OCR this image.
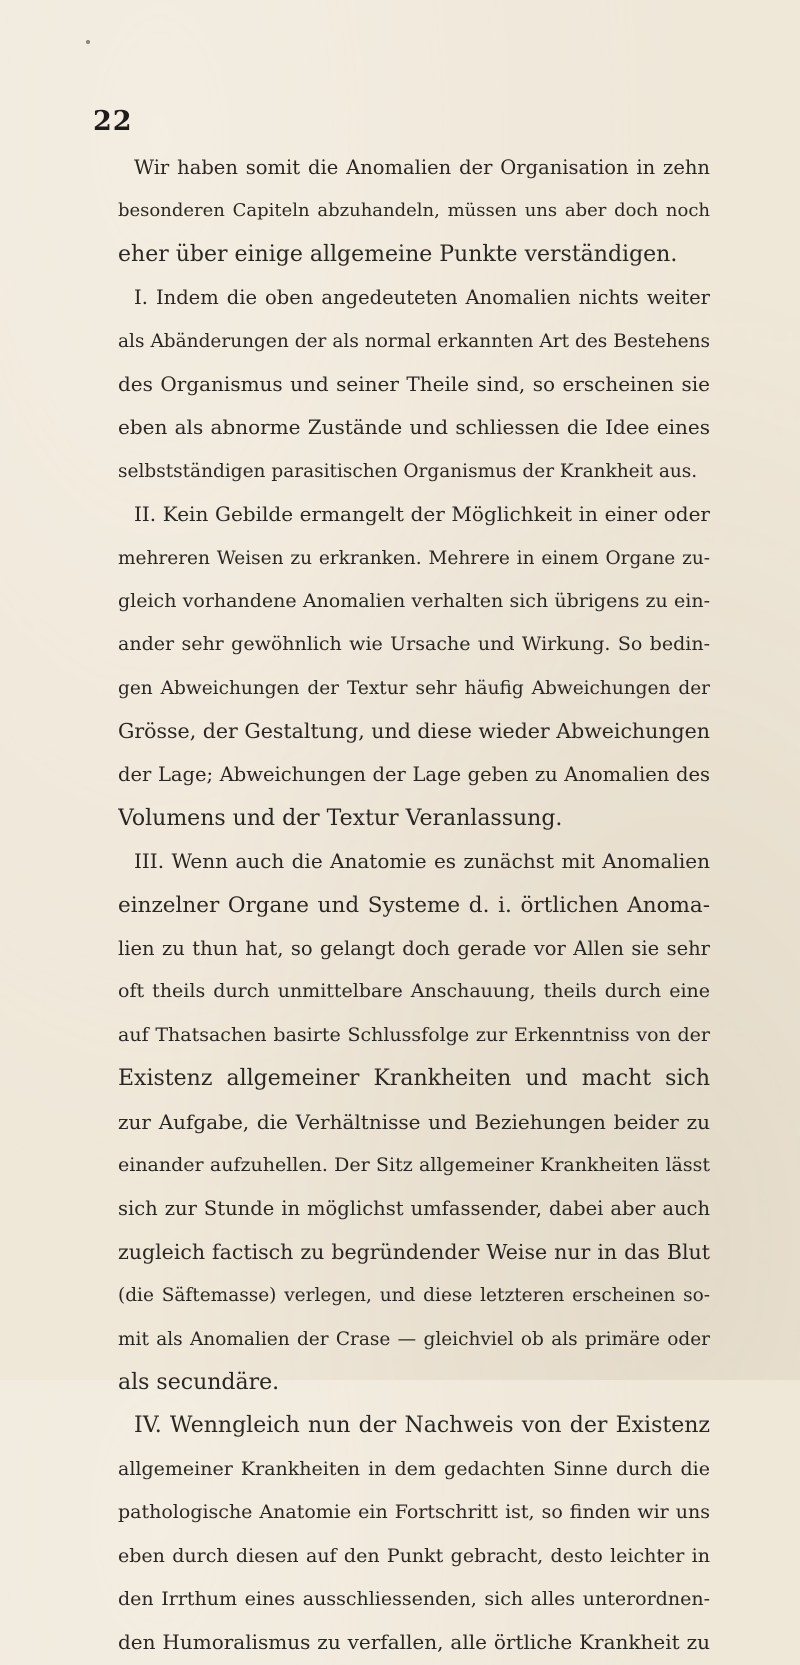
22
Wir haben somit die Anomalien der Organisation in zehn
besonderen Capiteln abzuhandeln, müssen uns aber doch noch
eher über einige allgemeine Punkte verständigen.
I. Indem die oben angedeuteten Anomalien nichts weiter
als Abänderungen der als normal erkannten Art des Bestehens
des Organismus und seiner Theile sind, so erscheinen sie
eben als abnorme Zustände und schliessen die Idee eines
selbstständigen parasitischen Organismus der Krankheit aus.
II. Kein Gebilde ermangelt der Möglichkeit in einer oder
mehreren Weisen zu erkranken. Mehrere in einem Organe zu-
gleich vorhandene Anomalien verhalten sich übrigens zu ein-
ander sehr gewöhnlich wie Ursache und Wirkung. So bedin-
gen Abweichungen der Textur sehr häufig Abweichungen der
Grösse, der Gestaltung, und diese wieder Abweichungen
der Lage; Abweichungen der Lage geben zu Anomalien des
Volumens und der Textur Veranlassung.
III. Wenn auch die Anatomie es zunächst mit Anomalien
einzelner Organe und Systeme d. i. örtlichen Anoma-
lien zu thun hat, so gelangt doch gerade vor Allen sie sehr
oft theils durch unmittelbare Anschauung, theils durch eine
auf Thatsachen basirte Schlussfolge zur Erkenntniss von der
Existenz allgemeiner Krankheiten und macht sich
zur Aufgabe, die Verhältnisse und Beziehungen beider zu
einander aufzuhellen. Der Sitz allgemeiner Krankheiten lässt
sich zur Stunde in möglichst umfassender, dabei aber auch
zugleich factisch zu begründender Weise nur in das Blut
(die Säftemasse) verlegen, und diese letzteren erscheinen so-
mit als Anomalien der Crase — gleichviel ob als primäre oder
als secundäre.
IV. Wenngleich nun der Nachweis von der Existenz
allgemeiner Krankheiten in dem gedachten Sinne durch die
pathologische Anatomie ein Fortschritt ist, so finden wir uns
eben durch diesen auf den Punkt gebracht, desto leichter in
den Irrthum eines ausschliessenden, sich alles unterordnen-
den Humoralismus zu verfallen, alle örtliche Krankheit zu
